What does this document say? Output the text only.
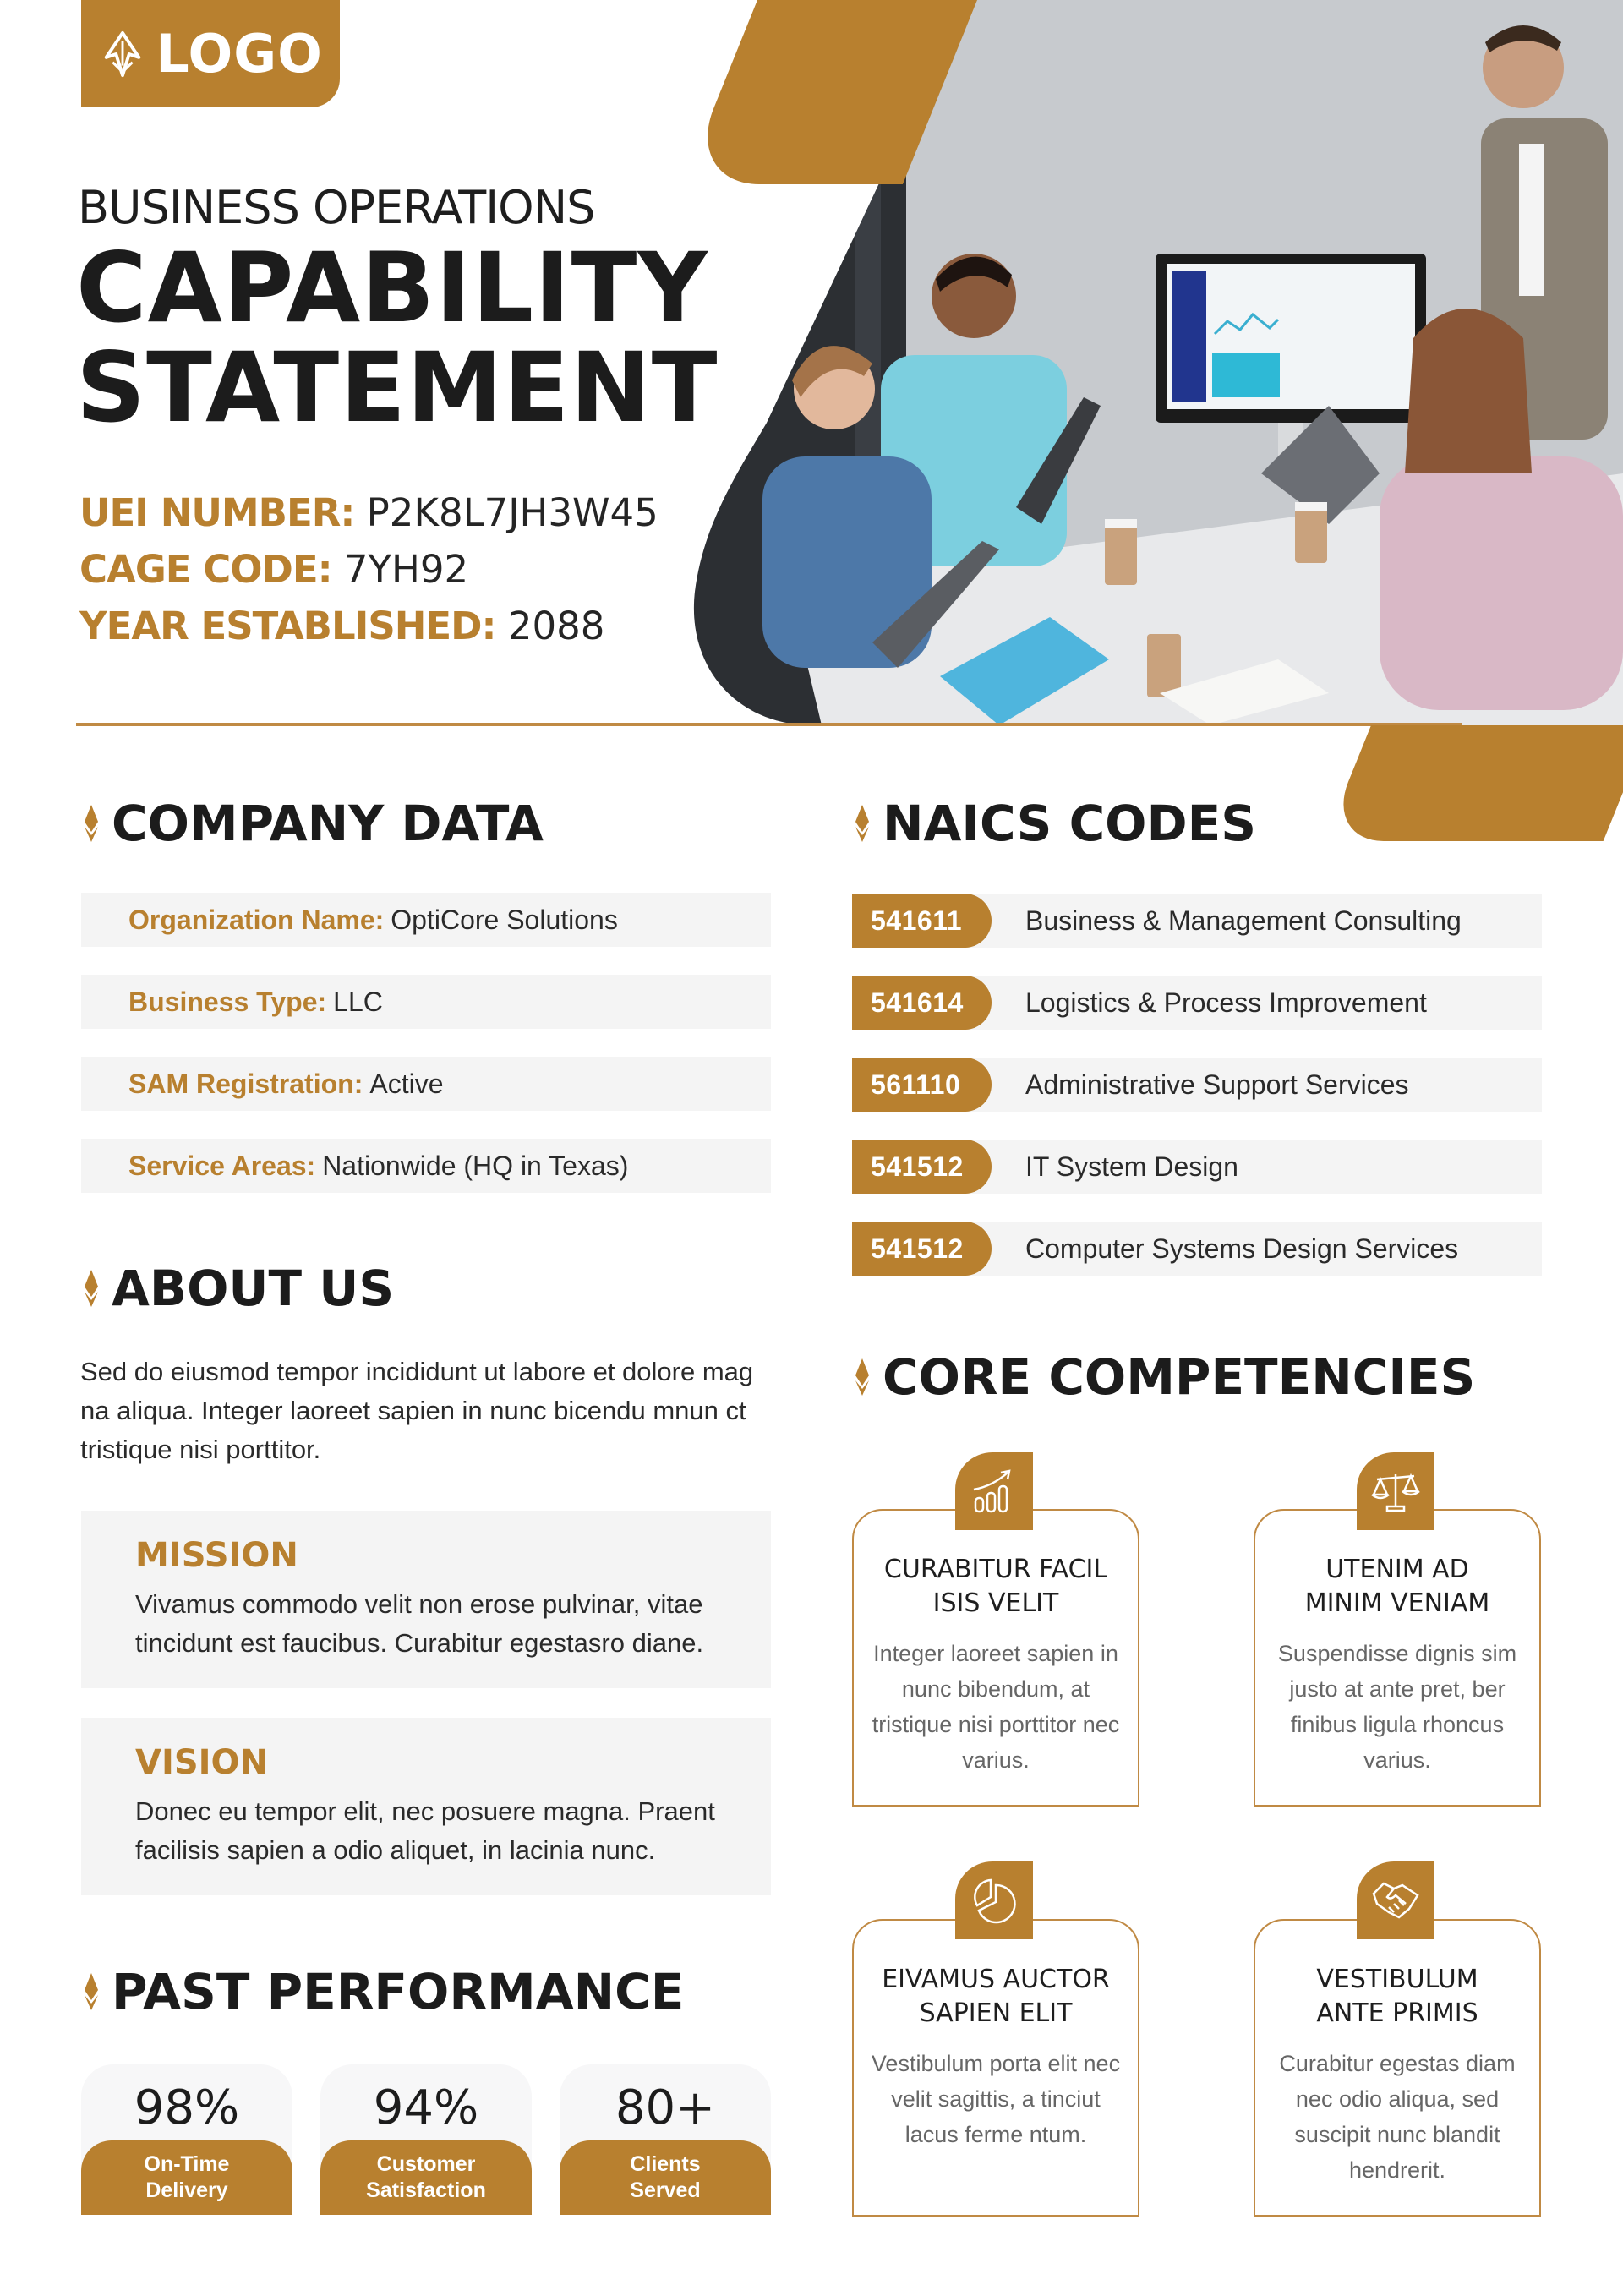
LOGO
BUSINESS OPERATIONS
CAPABILITY
STATEMENT
UEI NUMBER: P2K8L7JH3W45
CAGE CODE: 7YH92
YEAR ESTABLISHED: 2088
COMPANY DATA
Organization Name: OptiCore Solutions
Business Type: LLC
SAM Registration: Active
Service Areas: Nationwide (HQ in Texas)
NAICS CODES
541611	Business & Management Consulting
541614	Logistics & Process Improvement
561110	Administrative Support Services
541512	IT System Design
541512	Computer Systems Design Services
ABOUT US
Sed do eiusmod tempor incididunt ut labore et dolore mag na aliqua. Integer laoreet sapien in nunc bicendu mnun ct tristique nisi porttitor.
MISSION
Vivamus commodo velit non erose pulvinar, vitae tincidunt est faucibus. Curabitur egestasro diane.
VISION
Donec eu tempor elit, nec posuere magna. Praent facilisis sapien a odio aliquet, in lacinia nunc.
PAST PERFORMANCE
98%
On-Time
Delivery
94%
Customer
Satisfaction
80+
Clients
Served
CORE COMPETENCIES
CURABITUR FACIL
ISIS VELIT
Integer laoreet sapien in nunc bibendum, at tristique nisi porttitor nec varius.
UTENIM AD
MINIM VENIAM
Suspendisse dignis sim justo at ante pret, ber finibus ligula rhoncus varius.
EIVAMUS AUCTOR
SAPIEN ELIT
Vestibulum porta elit nec velit sagittis, a tinciut lacus ferme ntum.
VESTIBULUM
ANTE PRIMIS
Curabitur egestas diam nec odio aliqua, sed suscipit nunc blandit hendrerit.
